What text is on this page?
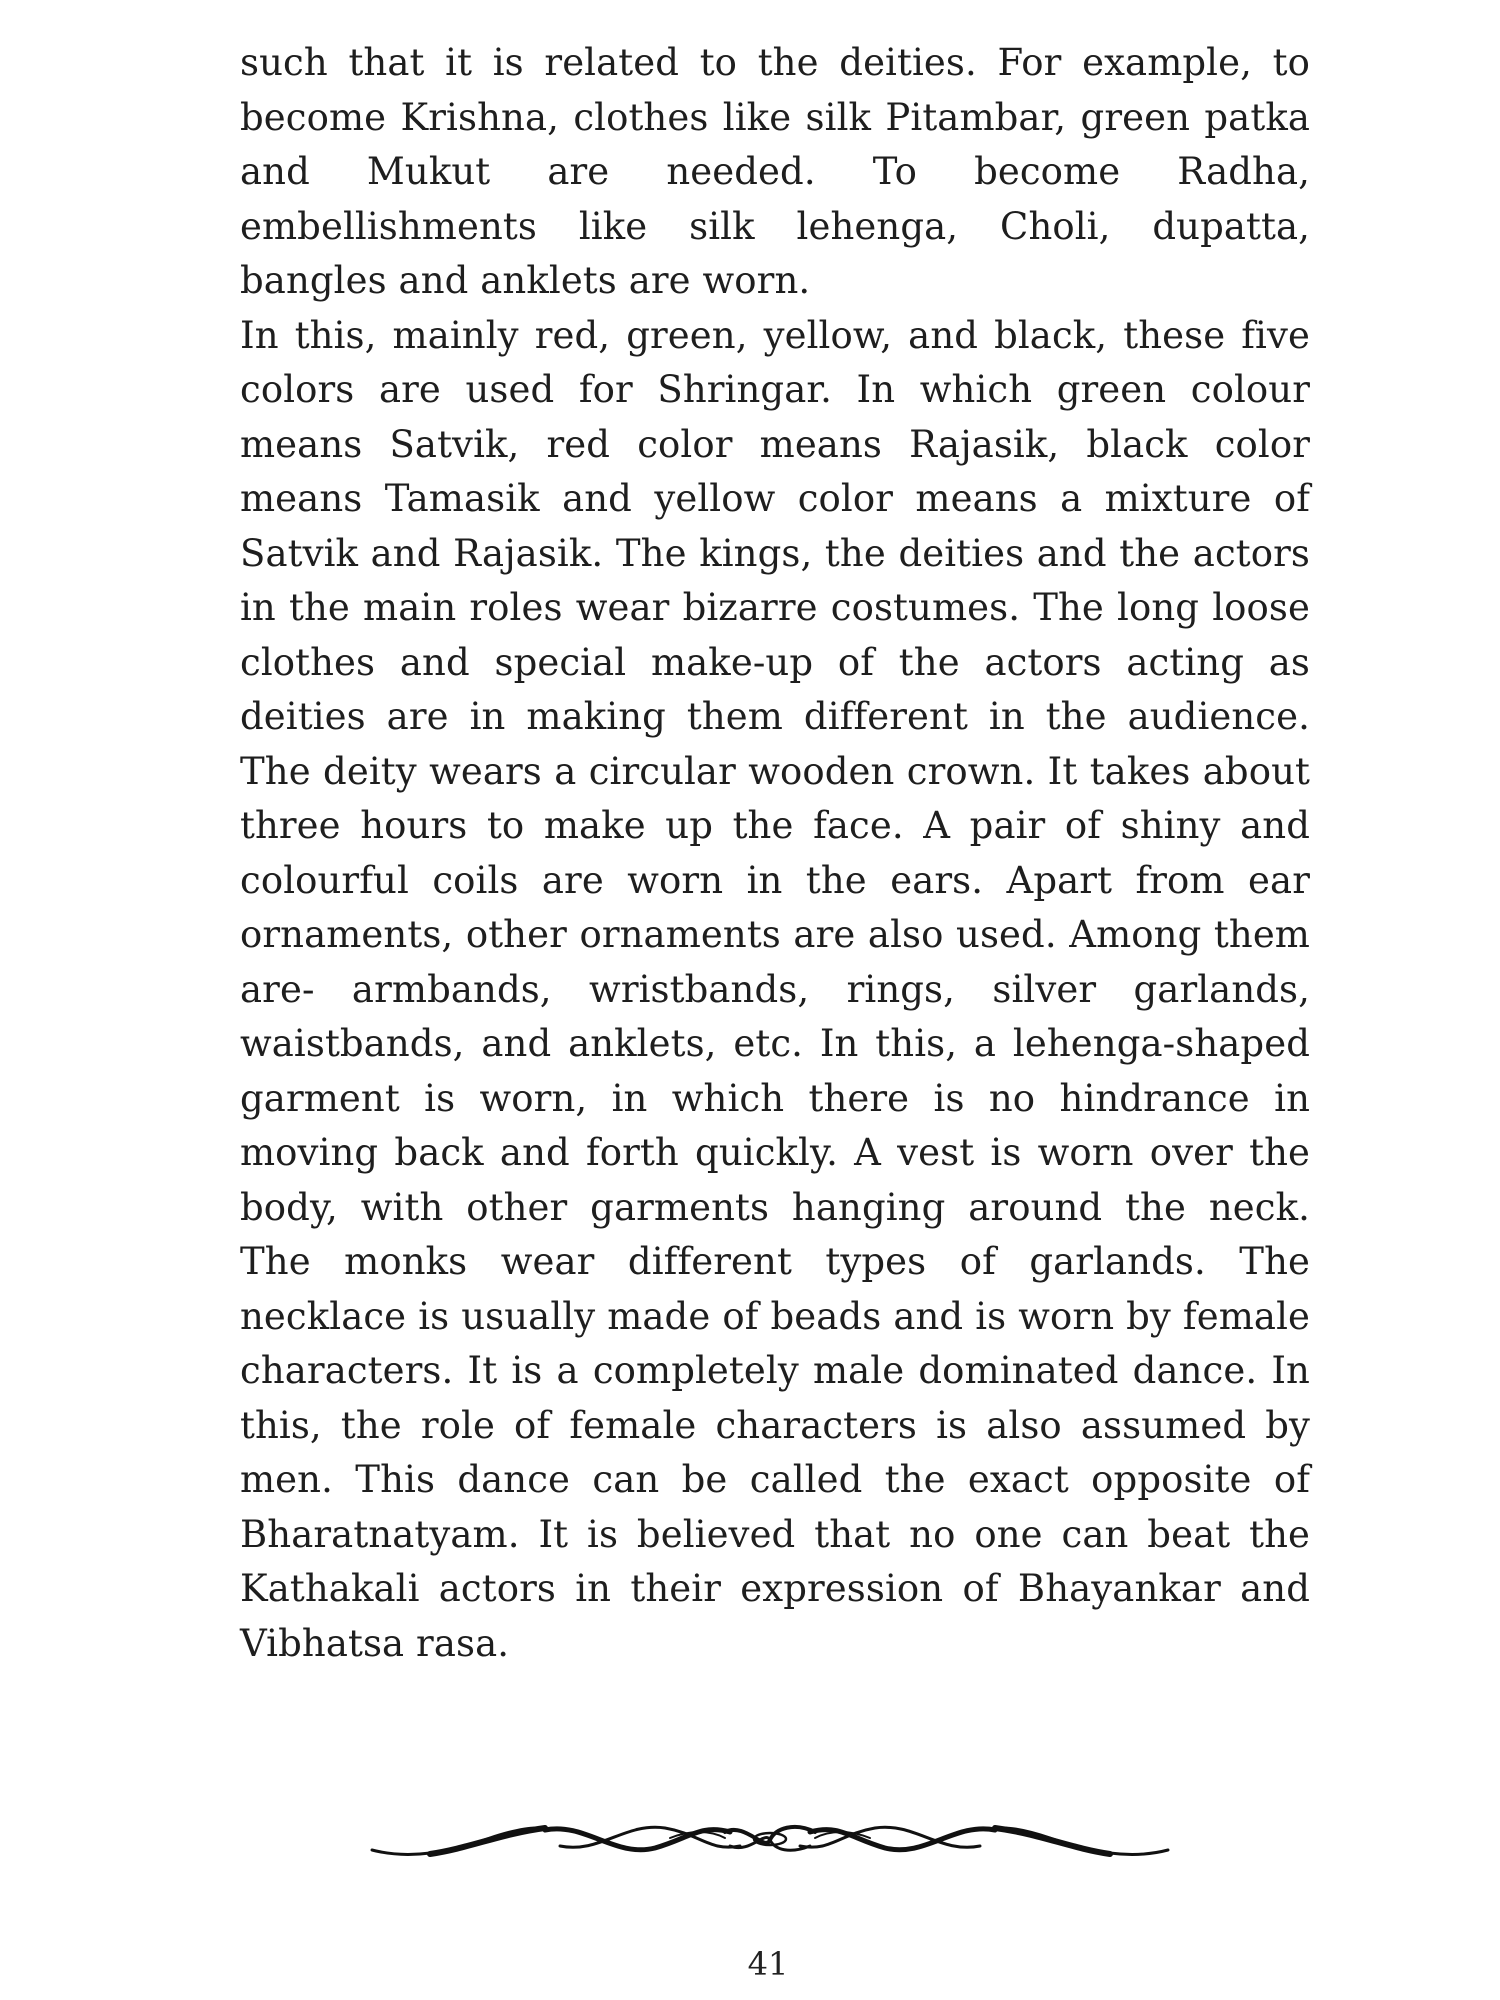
such that it is related to the deities. For example, to become Krishna, clothes like silk Pitambar, green patka and Mukut are needed. To become Radha, embellishments like silk lehenga, Choli, dupatta, bangles and anklets are worn.

In this, mainly red, green, yellow, and black, these five colors are used for Shringar. In which green colour means Satvik, red color means Rajasik, black color means Tamasik and yellow color means a mixture of Satvik and Rajasik. The kings, the deities and the actors in the main roles wear bizarre costumes. The long loose clothes and special make-up of the actors acting as deities are in making them different in the audience. The deity wears a circular wooden crown. It takes about three hours to make up the face. A pair of shiny and colourful coils are worn in the ears. Apart from ear ornaments, other ornaments are also used. Among them are- armbands, wristbands, rings, silver garlands, waistbands, and anklets, etc. In this, a lehenga-shaped garment is worn, in which there is no hindrance in moving back and forth quickly. A vest is worn over the body, with other garments hanging around the neck. The monks wear different types of garlands. The necklace is usually made of beads and is worn by female characters. It is a completely male dominated dance. In this, the role of female characters is also assumed by men. This dance can be called the exact opposite of Bharatnatyam. It is believed that no one can beat the Kathakali actors in their expression of Bhayankar and Vibhatsa rasa.

41
